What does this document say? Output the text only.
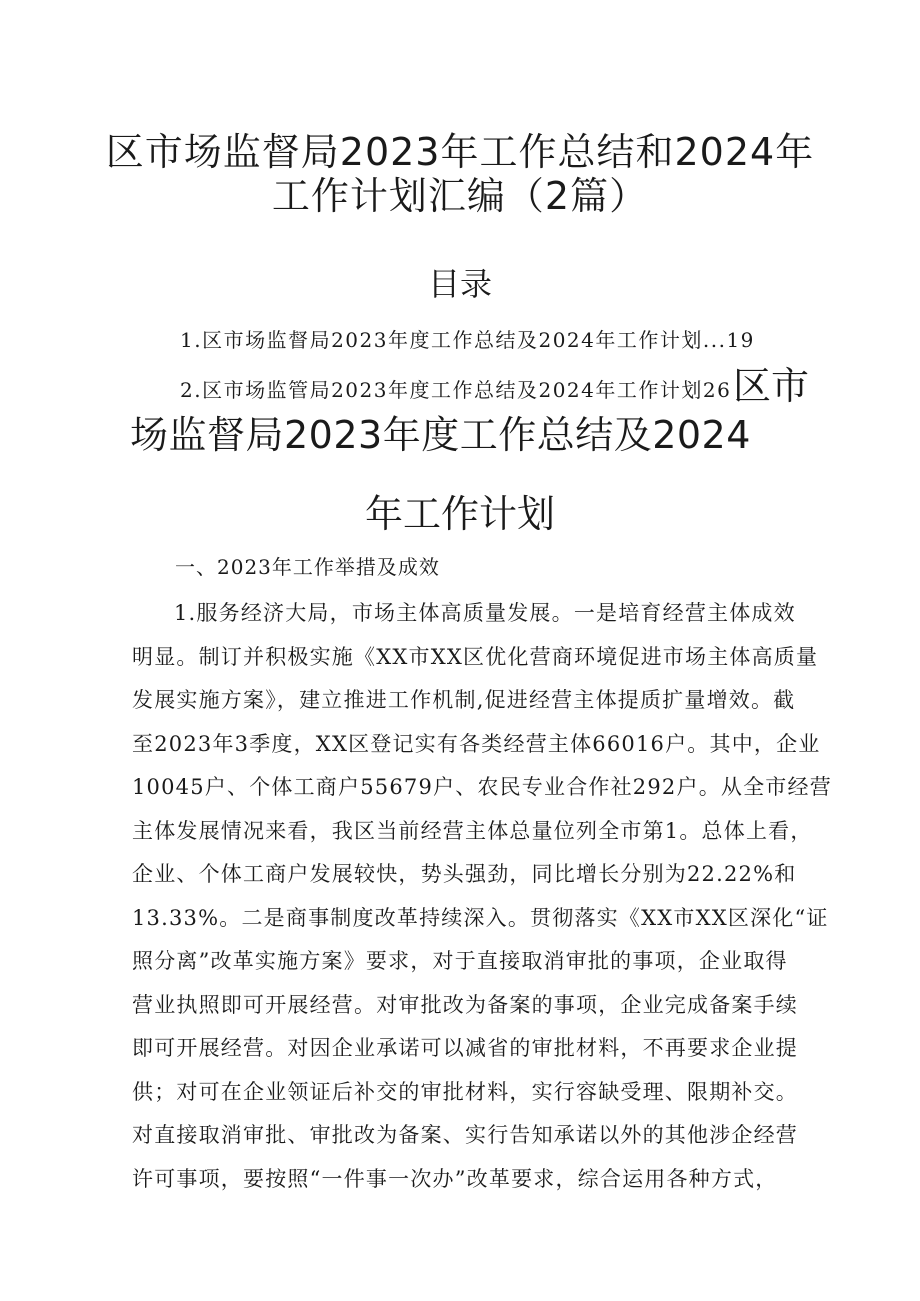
区市场监督局2023年工作总结和2024年
工作计划汇编（2篇）
目录
1.区市场监督局2023年度工作总结及2024年工作计划...19
2.区市场监管局2023年度工作总结及2024年工作计划26 区市
场监督局2023年度工作总结及2024
年工作计划
一、2023年工作举措及成效

1.服务经济大局，市场主体高质量发展。一是培育经营主体成效

明显。制订并积极实施《XX市XX区优化营商环境促进市场主体高质量

发展实施方案》，建立推进工作机制,促进经营主体提质扩量增效。截

至2023年3季度，XX区登记实有各类经营主体66016户。其中，企业

10045户、个体工商户55679户、农民专业合作社292户。从全市经营

主体发展情况来看，我区当前经营主体总量位列全市第1。总体上看，

企业、个体工商户发展较快，势头强劲，同比增长分别为22.22%和

13.33%。二是商事制度改革持续深入。贯彻落实《XX市XX区深化“证

照分离”改革实施方案》要求，对于直接取消审批的事项，企业取得

营业执照即可开展经营。对审批改为备案的事项，企业完成备案手续

即可开展经营。对因企业承诺可以减省的审批材料，不再要求企业提

供；对可在企业领证后补交的审批材料，实行容缺受理、限期补交。

对直接取消审批、审批改为备案、实行告知承诺以外的其他涉企经营

许可事项，要按照“一件事一次办”改革要求，综合运用各种方式，
